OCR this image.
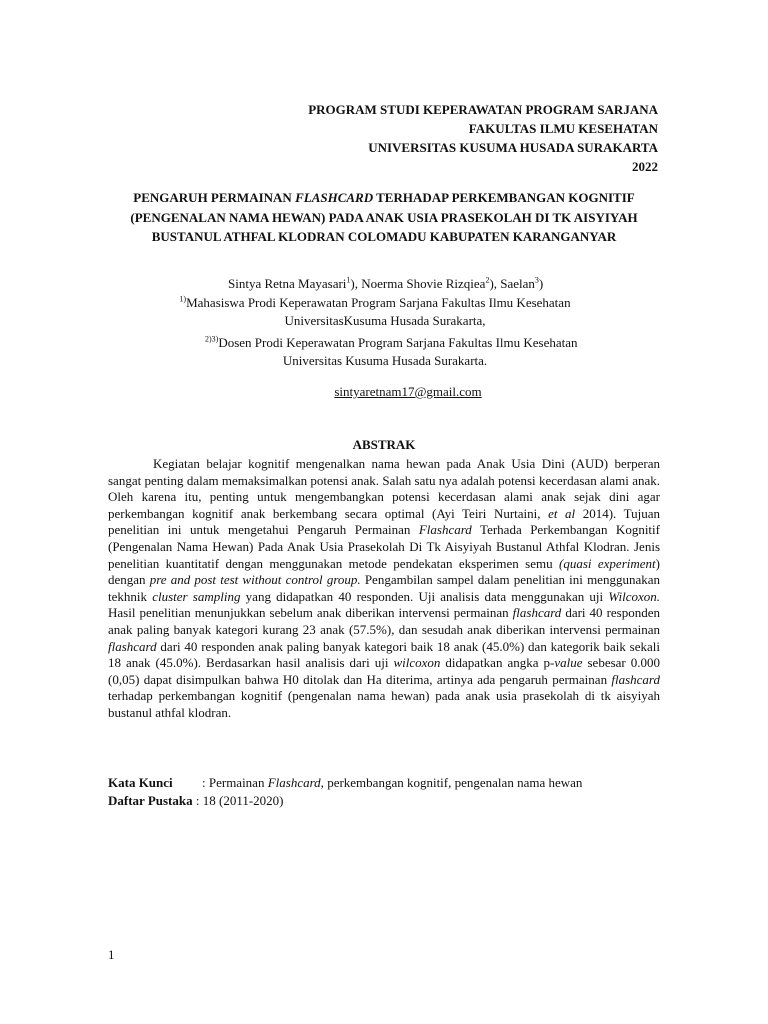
PROGRAM STUDI KEPERAWATAN PROGRAM SARJANA
FAKULTAS ILMU KESEHATAN
UNIVERSITAS KUSUMA HUSADA SURAKARTA
2022
PENGARUH PERMAINAN FLASHCARD TERHADAP PERKEMBANGAN KOGNITIF (PENGENALAN NAMA HEWAN) PADA ANAK USIA PRASEKOLAH DI TK AISYIYAH BUSTANUL ATHFAL KLODRAN COLOMADU KABUPATEN KARANGANYAR
Sintya Retna Mayasari$^1$), Noerma Shovie Rizqiea$^2$), Saelan$^3$)
$^{1)}$Mahasiswa Prodi Keperawatan Program Sarjana Fakultas Ilmu Kesehatan
UniversitasKusuma Husada Surakarta,
$^{2)3)}$Dosen Prodi Keperawatan Program Sarjana Fakultas Ilmu Kesehatan
Universitas Kusuma Husada Surakarta.
sintyaretnam17@gmail.com
ABSTRAK

Kegiatan belajar kognitif mengenalkan nama hewan pada Anak Usia Dini (AUD) berperan sangat penting dalam memaksimalkan potensi anak. Salah satu nya adalah potensi kecerdasan alami anak. Oleh karena itu, penting untuk mengembangkan potensi kecerdasan alami anak sejak dini agar perkembangan kognitif anak berkembang secara optimal (Ayi Teiri Nurtaini, et al 2014). Tujuan penelitian ini untuk mengetahui Pengaruh Permainan Flashcard Terhada Perkembangan Kognitif (Pengenalan Nama Hewan) Pada Anak Usia Prasekolah Di Tk Aisyiyah Bustanul Athfal Klodran. Jenis penelitian kuantitatif dengan menggunakan metode pendekatan eksperimen semu (quasi experiment) dengan pre and post test without control group. Pengambilan sampel dalam penelitian ini menggunakan tekhnik cluster sampling yang didapatkan 40 responden. Uji analisis data menggunakan uji Wilcoxon. Hasil penelitian menunjukkan sebelum anak diberikan intervensi permainan flashcard dari 40 responden anak paling banyak kategori kurang 23 anak (57.5%), dan sesudah anak diberikan intervensi permainan flashcard dari 40 responden anak paling banyak kategori baik 18 anak (45.0%) dan kategorik baik sekali 18 anak (45.0%). Berdasarkan hasil analisis dari uji wilcoxon didapatkan angka p-value sebesar 0.000 (0,05) dapat disimpulkan bahwa H0 ditolak dan Ha diterima, artinya ada pengaruh permainan flashcard terhadap perkembangan kognitif (pengenalan nama hewan) pada anak usia prasekolah di tk aisyiyah bustanul athfal klodran.

Kata Kunci : Permainan Flashcard, perkembangan kognitif, pengenalan nama hewan
Daftar Pustaka : 18 (2011-2020)
1
